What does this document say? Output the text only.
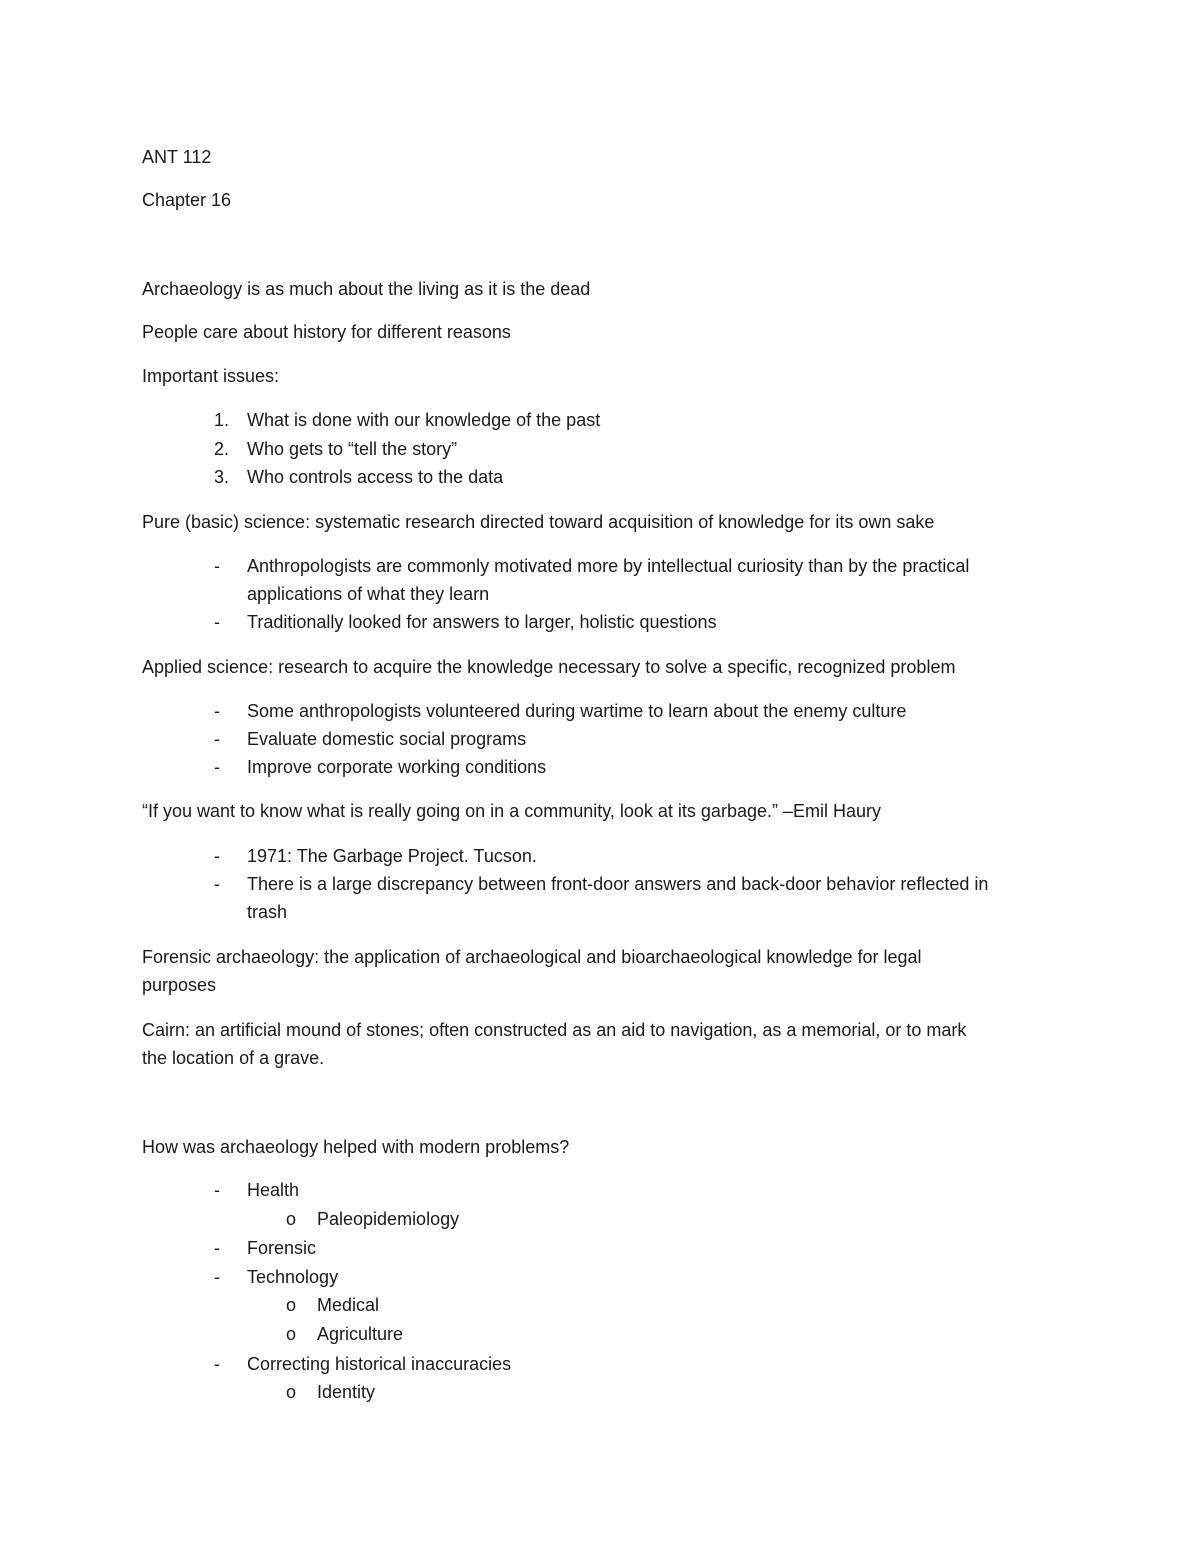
ANT 112
Chapter 16
Archaeology is as much about the living as it is the dead
People care about history for different reasons
Important issues:
1. What is done with our knowledge of the past
2. Who gets to “tell the story”
3. Who controls access to the data
Pure (basic) science: systematic research directed toward acquisition of knowledge for its own sake
- Anthropologists are commonly motivated more by intellectual curiosity than by the practical
applications of what they learn
- Traditionally looked for answers to larger, holistic questions
Applied science: research to acquire the knowledge necessary to solve a specific, recognized problem
- Some anthropologists volunteered during wartime to learn about the enemy culture
- Evaluate domestic social programs
- Improve corporate working conditions
“If you want to know what is really going on in a community, look at its garbage.” –Emil Haury
- 1971: The Garbage Project. Tucson.
- There is a large discrepancy between front-door answers and back-door behavior reflected in
trash
Forensic archaeology: the application of archaeological and bioarchaeological knowledge for legal
purposes
Cairn: an artificial mound of stones; often constructed as an aid to navigation, as a memorial, or to mark
the location of a grave.
How was archaeology helped with modern problems?
- Health
o Paleopidemiology
- Forensic
- Technology
o Medical
o Agriculture
- Correcting historical inaccuracies
o Identity
